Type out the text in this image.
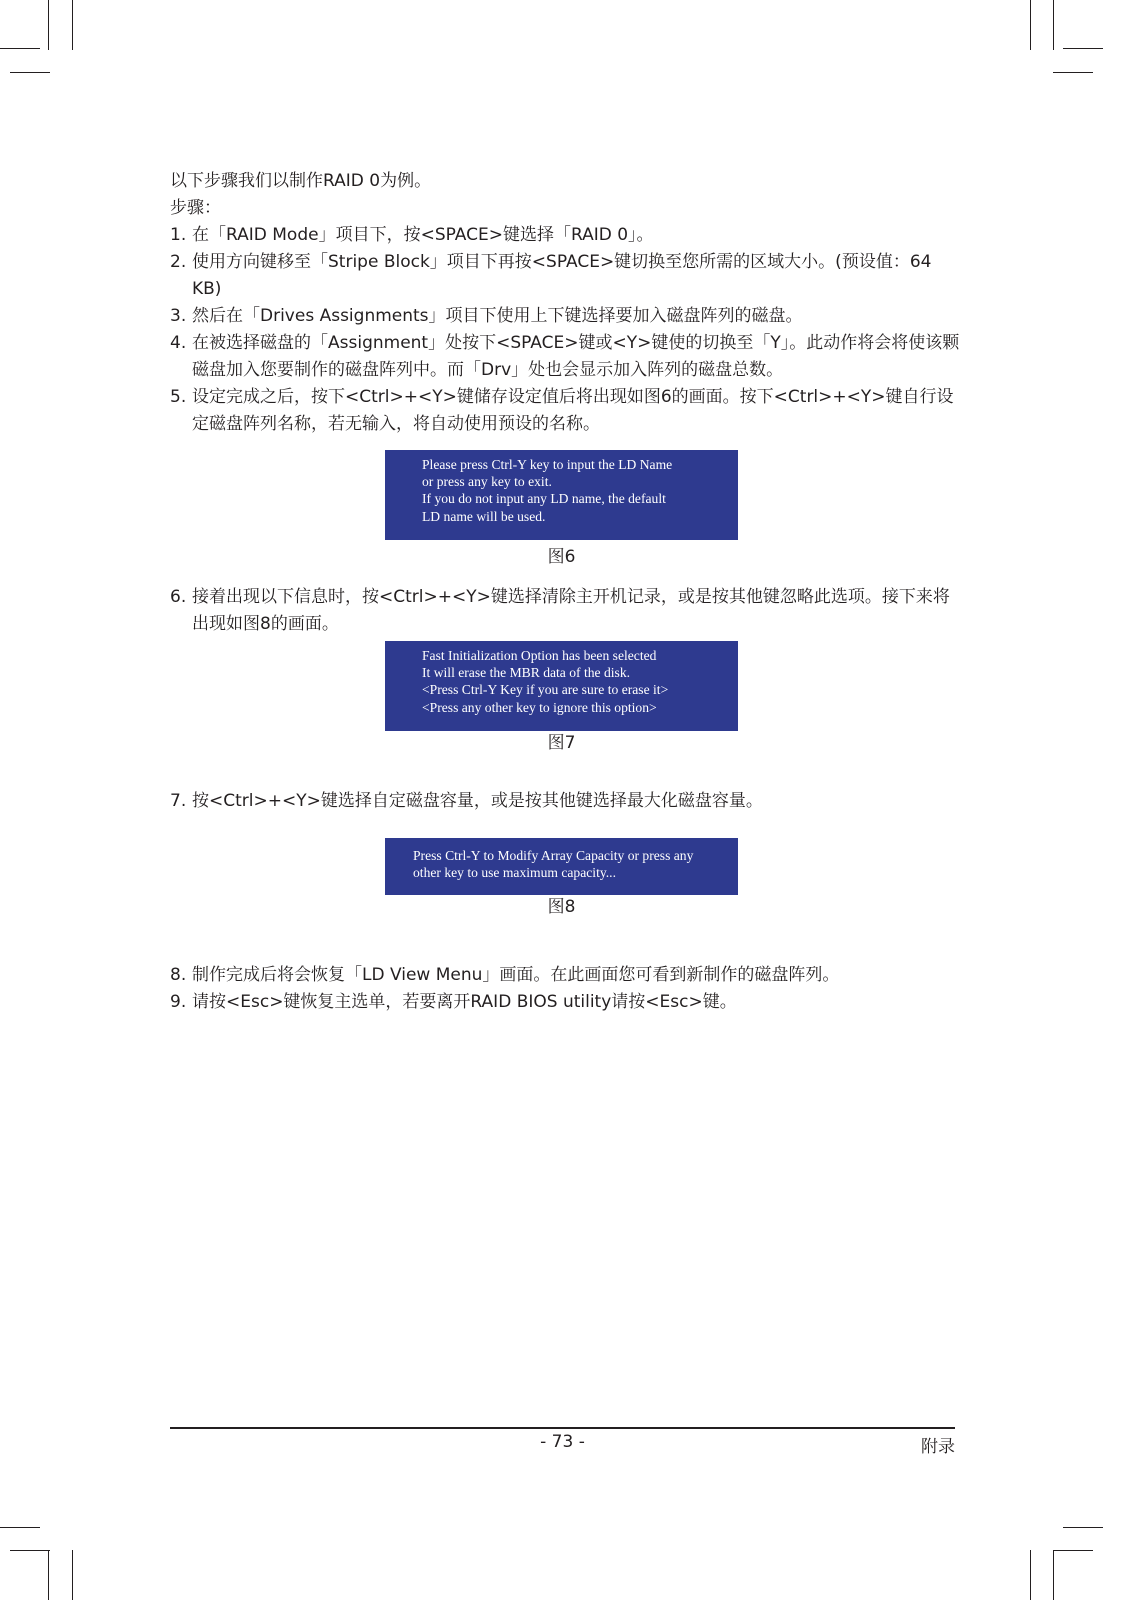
以下步骤我们以制作RAID 0为例。
步骤：
1. 在「RAID Mode」项目下，按<SPACE>键选择「RAID 0」。
2. 使用方向键移至「Stripe Block」项目下再按<SPACE>键切换至您所需的区域大小。(预设值：64 KB)
3. 然后在「Drives Assignments」项目下使用上下键选择要加入磁盘阵列的磁盘。
4. 在被选择磁盘的「Assignment」处按下<SPACE>键或<Y>键使的切换至「Y」。此动作将会将使该颗磁盘加入您要制作的磁盘阵列中。而「Drv」处也会显示加入阵列的磁盘总数。
5. 设定完成之后，按下<Ctrl>+<Y>键储存设定值后将出现如图6的画面。按下<Ctrl>+<Y>键自行设定磁盘阵列名称，若无输入，将自动使用预设的名称。
Please press Ctrl-Y key to input the LD Name
or press any key to exit.
If you do not input any LD name, the default
LD name will be used.
图6
6. 接着出现以下信息时，按<Ctrl>+<Y>键选择清除主开机记录，或是按其他键忽略此选项。接下来将出现如图8的画面。
Fast Initialization Option has been selected
It will erase the MBR data of the disk.
<Press Ctrl-Y Key if you are sure to erase it>
<Press any other key to ignore this option>
图7
7. 按<Ctrl>+<Y>键选择自定磁盘容量，或是按其他键选择最大化磁盘容量。
Press Ctrl-Y to Modify Array Capacity or press any
other key to use maximum capacity...
图8
8. 制作完成后将会恢复「LD View Menu」画面。在此画面您可看到新制作的磁盘阵列。
9. 请按<Esc>键恢复主选单，若要离开RAID BIOS utility请按<Esc>键。
- 73 -	附录
